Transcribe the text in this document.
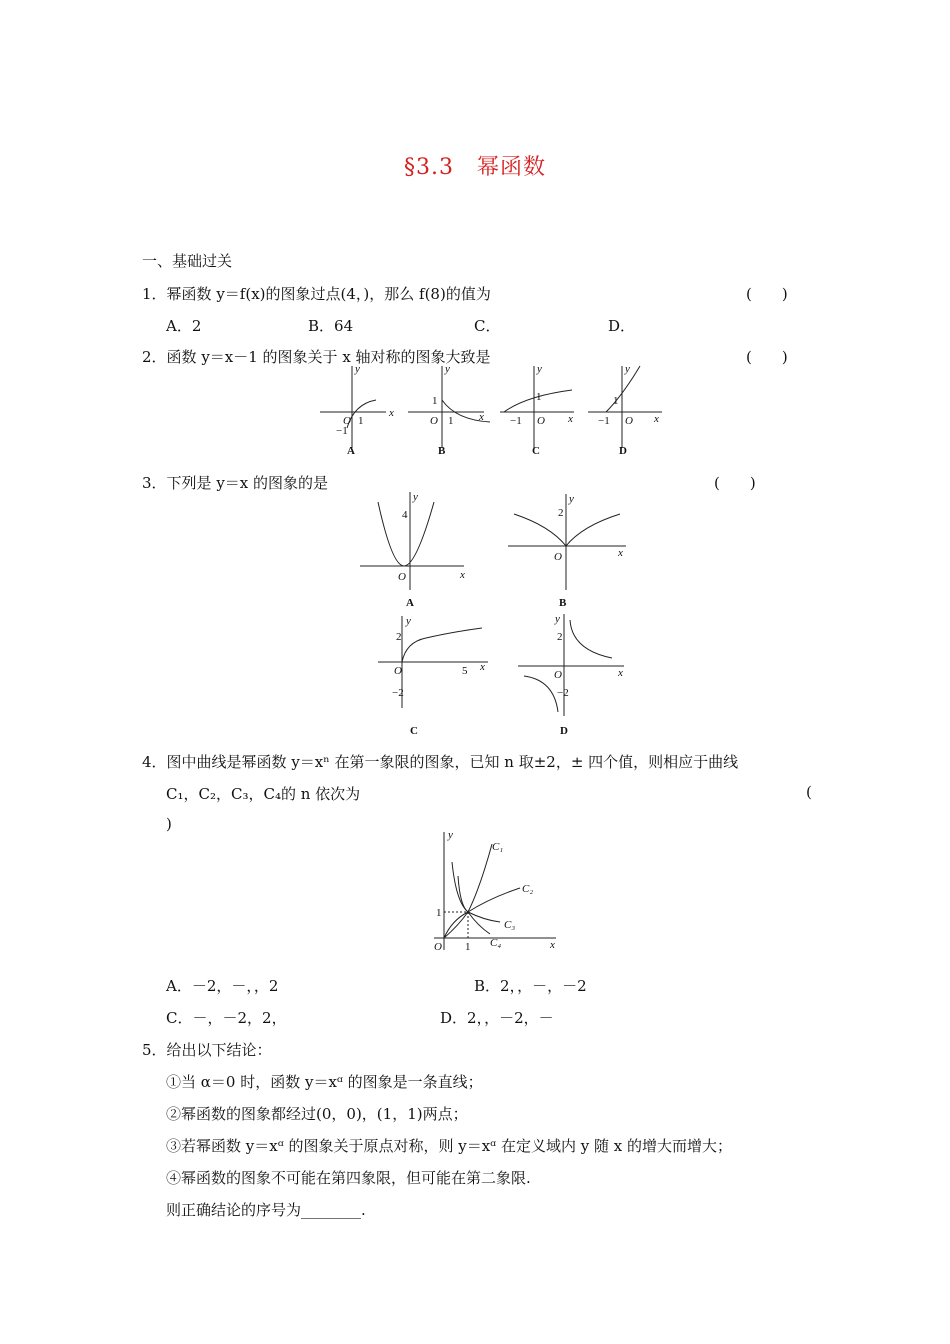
§3.3　幂函数
一、基础过关
1．幂函数 y＝f(x)的图象过点(4，)，那么 f(8)的值为	(　　)
A．2	B．64	C．	D．
2．函数 y＝x－1 的图象关于 x 轴对称的图象大致是	(　　)
x
y
O 1
−1
x
y
O 1
1
x
y
O
−1
1
x
y
O
−1
1
A	B	C	D
3．下列是 y＝x 的图象的是	(　　)
x
y
O
4
x
y
O
2
x
y
O
2
5
−2
x
y
O
2
−2
A	B
C	D
4．图中曲线是幂函数 y＝xⁿ 在第一象限的图象，已知 n 取±2，± 四个值，则相应于曲线
C₁，C₂，C₃，C₄的 n 依次为	(
)
x
y
O 1
1
C₁
C₂
C₃
C₄
A．－2，－，，2	B．2，，－，－2
C．－，－2，2，	D．2，，－2，－
5．给出以下结论：
①当 α＝0 时，函数 y＝xᵅ 的图象是一条直线；
②幂函数的图象都经过(0，0)，(1，1)两点；
③若幂函数 y＝xᵅ 的图象关于原点对称，则 y＝xᵅ 在定义域内 y 随 x 的增大而增大；
④幂函数的图象不可能在第四象限，但可能在第二象限.
则正确结论的序号为________.
